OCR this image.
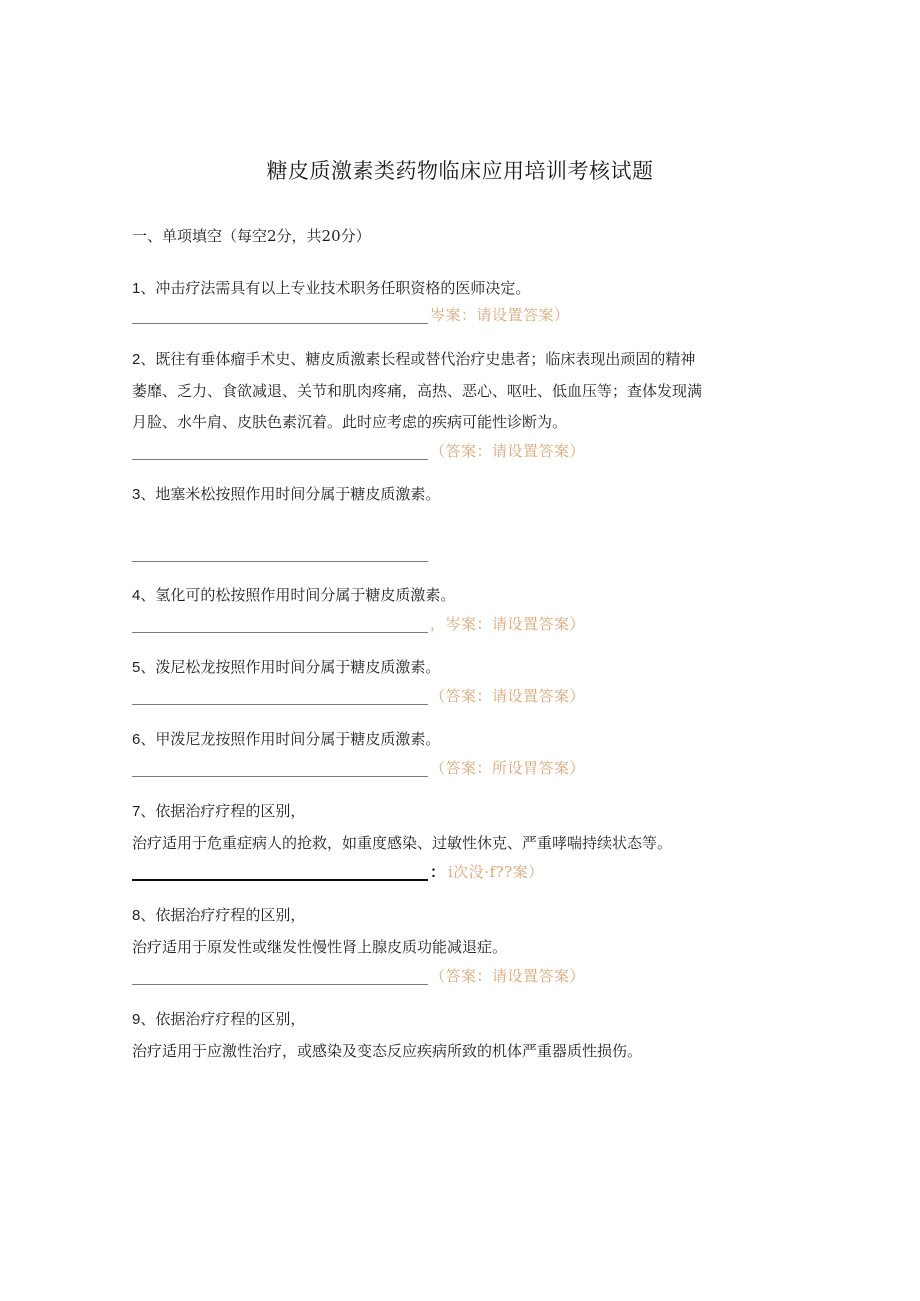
糖皮质激素类药物临床应用培训考核试题
一、单项填空（每空2分，共20分）
1、冲击疗法需具有以上专业技术职务任职资格的医师决定。
岑案：请设置答案）
2、既往有垂体瘤手术史、糖皮质激素长程或替代治疗史患者；临床表现出顽固的精神
萎靡、乏力、食欲减退、关节和肌肉疼痛，高热、恶心、呕吐、低血压等；查体发现满
月脸、水牛肩、皮肤色素沉着。此时应考虑的疾病可能性诊断为。
（答案：请设置答案）
3、地塞米松按照作用时间分属于糖皮质激素。
4、氢化可的松按照作用时间分属于糖皮质激素。
，岑案：请设置答案）
5、泼尼松龙按照作用时间分属于糖皮质激素。
（答案：请设置答案）
6、甲泼尼龙按照作用时间分属于糖皮质激素。
（答案：所设胃答案）
7、依据治疗疗程的区别，
治疗适用于危重症病人的抢救，如重度感染、过敏性休克、严重哮喘持续状态等。
： i次没·f??案）
8、依据治疗疗程的区别，
治疗适用于原发性或继发性慢性肾上腺皮质功能减退症。
（答案：请设置答案）
9、依据治疗疗程的区别，
治疗适用于应激性治疗，或感染及变态反应疾病所致的机体严重器质性损伤。
